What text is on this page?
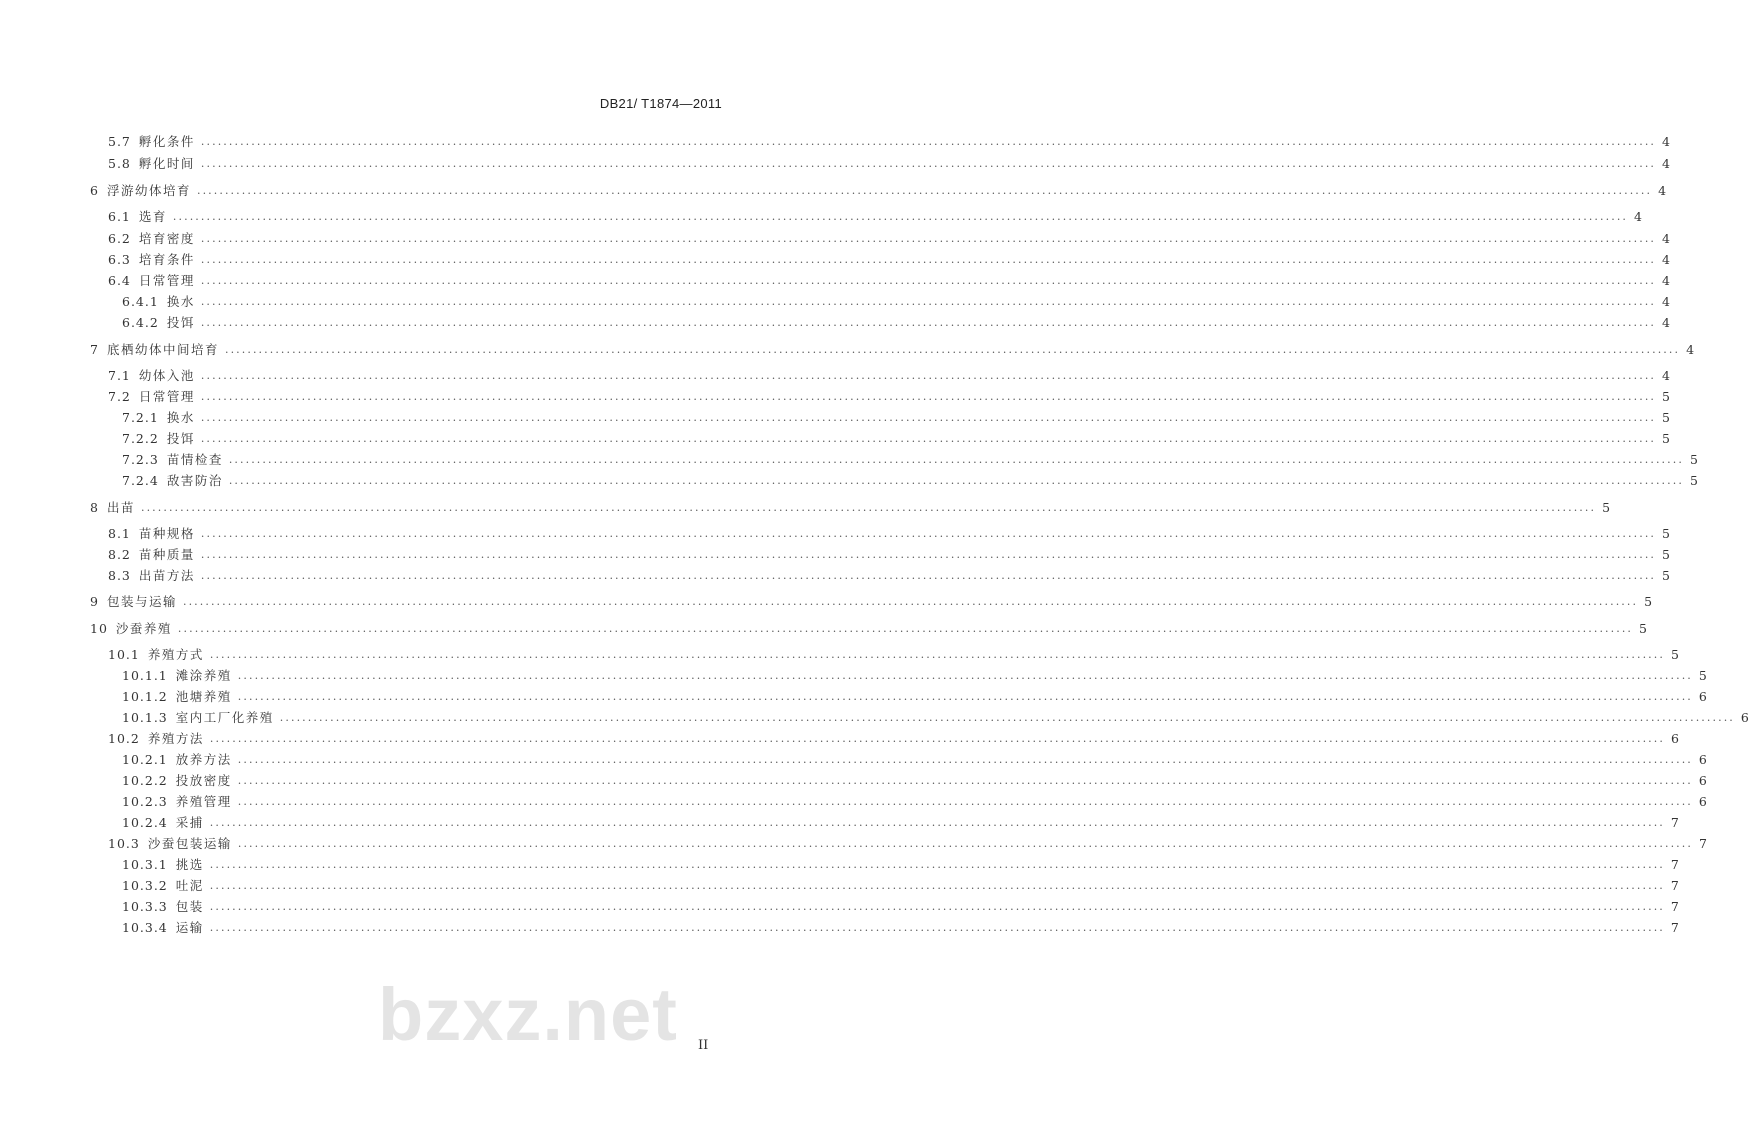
DB21/ T1874—2011
5.7 孵化条件 .................................................................................................................................................................................................................................................................... 4
5.8 孵化时间 .................................................................................................................................................................................................................................................................... 4
6 浮游幼体培育 .................................................................................................................................................................................................................................................................... 4
6.1 选育 .................................................................................................................................................................................................................................................................... 4
6.2 培育密度 .................................................................................................................................................................................................................................................................... 4
6.3 培育条件 .................................................................................................................................................................................................................................................................... 4
6.4 日常管理 .................................................................................................................................................................................................................................................................... 4
6.4.1 换水 .................................................................................................................................................................................................................................................................... 4
6.4.2 投饵 .................................................................................................................................................................................................................................................................... 4
7 底栖幼体中间培育 .................................................................................................................................................................................................................................................................... 4
7.1 幼体入池 .................................................................................................................................................................................................................................................................... 4
7.2 日常管理 .................................................................................................................................................................................................................................................................... 5
7.2.1 换水 .................................................................................................................................................................................................................................................................... 5
7.2.2 投饵 .................................................................................................................................................................................................................................................................... 5
7.2.3 苗情检查 .................................................................................................................................................................................................................................................................... 5
7.2.4 敌害防治 .................................................................................................................................................................................................................................................................... 5
8 出苗 .................................................................................................................................................................................................................................................................... 5
8.1 苗种规格 .................................................................................................................................................................................................................................................................... 5
8.2 苗种质量 .................................................................................................................................................................................................................................................................... 5
8.3 出苗方法 .................................................................................................................................................................................................................................................................... 5
9 包装与运输 .................................................................................................................................................................................................................................................................... 5
10 沙蚕养殖 .................................................................................................................................................................................................................................................................... 5
10.1 养殖方式 .................................................................................................................................................................................................................................................................... 5
10.1.1 滩涂养殖 .................................................................................................................................................................................................................................................................... 5
10.1.2 池塘养殖 .................................................................................................................................................................................................................................................................... 6
10.1.3 室内工厂化养殖 .................................................................................................................................................................................................................................................................... 6
10.2 养殖方法 .................................................................................................................................................................................................................................................................... 6
10.2.1 放养方法 .................................................................................................................................................................................................................................................................... 6
10.2.2 投放密度 .................................................................................................................................................................................................................................................................... 6
10.2.3 养殖管理 .................................................................................................................................................................................................................................................................... 6
10.2.4 采捕 .................................................................................................................................................................................................................................................................... 7
10.3 沙蚕包装运输 .................................................................................................................................................................................................................................................................... 7
10.3.1 挑选 .................................................................................................................................................................................................................................................................... 7
10.3.2 吐泥 .................................................................................................................................................................................................................................................................... 7
10.3.3 包装 .................................................................................................................................................................................................................................................................... 7
10.3.4 运输 .................................................................................................................................................................................................................................................................... 7
bzxz.net II
